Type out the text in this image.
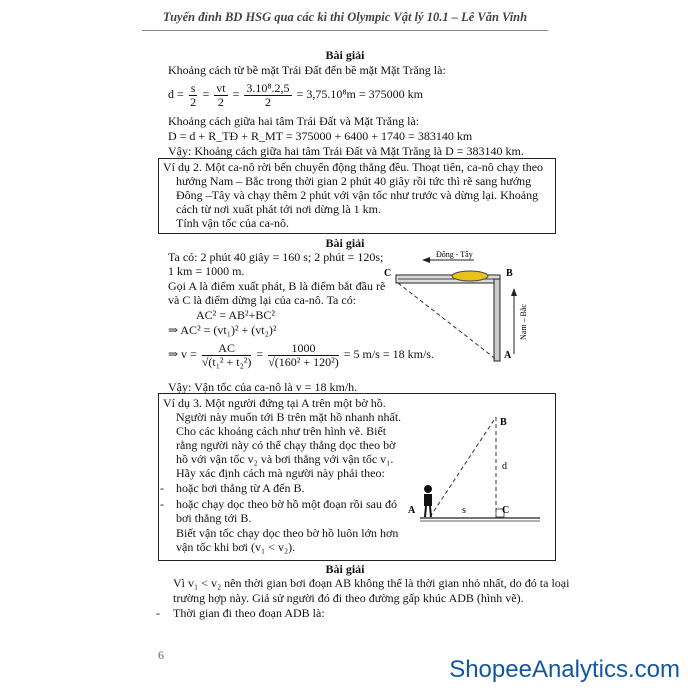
Tuyển đỉnh BD HSG qua các kì thi Olympic Vật lý 10.1 – Lê Văn Vinh
Bài giải
Khoảng cách từ bề mặt Trái Đất đến bề mặt Mặt Trăng là:
$d = \frac{s}{2} = \frac{vt}{2} = \frac{\text{3.10⁸.2,5}}{2} = 3,75.10^8m = 375000$ km
Khoảng cách giữa hai tâm Trái Đất và Mặt Trăng là:
D = d + R_TĐ + R_MT = 375000 + 6400 + 1740 = 383140 km
Vậy: Khoảng cách giữa hai tâm Trái Đất và Mặt Trăng là D = 383140 km.
Ví dụ 2. Một ca-nô rời bến chuyển động thẳng đều. Thoạt tiên, ca-nô chạy theo
hướng Nam – Bắc trong thời gian 2 phút 40 giây rồi tức thì rẽ sang hướng
Đông –Tây và chạy thêm 2 phút với vận tốc như trước và dừng lại. Khoảng
cách từ nơi xuất phát tới nơi dừng là 1 km.
Tính vận tốc của ca-nô.
Bài giải
Ta có: 2 phút 40 giây = 160 s; 2 phút = 120s;
1 km = 1000 m.
Gọi A là điểm xuất phát, B là điểm bắt đầu rẽ
và C là điểm dừng lại của ca-nô. Ta có:
AC² = AB²+BC²
⇒ AC² = (vt₁)² + (vt₂)²
⇒ $v = \frac{AC}{\text{√(t₁² + t₂²)}} = \frac{1000}{\text{√(160² + 120²)}} = 5$ m/s = 18 km/s.
Vậy: Vận tốc của ca-nô là v = 18 km/h.
Đông - Tây
Nam – Bắc
C	B
A
Ví dụ 3. Một người đứng tại A trên một bờ hồ.
Người này muốn tới B trên mặt hồ nhanh nhất.
Cho các khoảng cách như trên hình vẽ. Biết
rằng người này có thể chạy thẳng dọc theo bờ
hồ với vận tốc v₂ và bơi thẳng với vận tốc v₁.
Hãy xác định cách mà người này phải theo:
- hoặc bơi thẳng từ A đến B.
- hoặc chạy dọc theo bờ hồ một đoạn rồi sau đó
bơi thẳng tới B.
Biết vận tốc chạy dọc theo bờ hồ luôn lớn hơn
vận tốc khi bơi (v₁ < v₂).
A
B
C
d
s
Bài giải
Vì v₁ < v₂ nên thời gian bơi đoạn AB không thể là thời gian nhỏ nhất, do đó ta loại
trường hợp này. Giả sử người đó đi theo đường gấp khúc ADB (hình vẽ).
- Thời gian đi theo đoạn ADB là:
6
ShopeeAnalytics.com
